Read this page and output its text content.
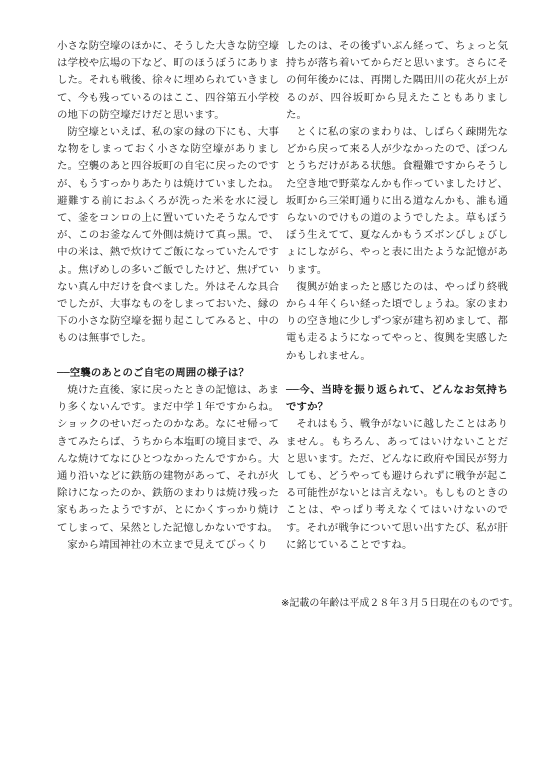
小さな防空壕のほかに、そうした大きな防空壕は学校や広場の下など、町のほうぼうにありました。それも戦後、徐々に埋められていきまして、今も残っているのはここ、四谷第五小学校の地下の防空壕だけだと思います。

防空壕といえば、私の家の縁の下にも、大事な物をしまっておく小さな防空壕がありました。空襲のあと四谷坂町の自宅に戻ったのですが、もうすっかりあたりは焼けていましたね。避難する前におふくろが洗った米を水に浸して、釜をコンロの上に置いていたそうなんですが、このお釜なんて外側は焼けて真っ黒。で、中の米は、熱で炊けてご飯になっていたんですよ。焦げめしの多いご飯でしたけど、焦げていない真ん中だけを食べました。外はそんな具合でしたが、大事なものをしまっておいた、縁の下の小さな防空壕を掘り起こしてみると、中のものは無事でした。

──空襲のあとのご自宅の周囲の様子は？

焼けた直後、家に戻ったときの記憶は、あまり多くないんです。まだ中学１年ですからね。ショックのせいだったのかなあ。なにせ帰ってきてみたらば、うちから本塩町の境目まで、みんな焼けてなにひとつなかったんですから。大通り沿いなどに鉄筋の建物があって、それが火除けになったのか、鉄筋のまわりは焼け残った家もあったようですが、とにかくすっかり焼けてしまって、呆然とした記憶しかないですね。

家から靖国神社の木立まで見えてびっくり

したのは、その後ずいぶん経って、ちょっと気持ちが落ち着いてからだと思います。さらにその何年後かには、再開した隅田川の花火が上がるのが、四谷坂町から見えたこともありました。

とくに私の家のまわりは、しばらく疎開先などから戻って来る人が少なかったので、ぽつんとうちだけがある状態。食糧難ですからそうした空き地で野菜なんかも作っていましたけど、坂町から三栄町通りに出る道なんかも、誰も通らないのでけもの道のようでしたよ。草もぼうぼう生えてて、夏なんかもうズボンびしょびしょにしながら、やっと表に出たような記憶があります。

復興が始まったと感じたのは、やっぱり終戦から４年くらい経った頃でしょうね。家のまわりの空き地に少しずつ家が建ち初めまして、都電も走るようになってやっと、復興を実感したかもしれません。

──今、当時を振り返られて、どんなお気持ちですか？

それはもう、戦争がないに越したことはありません。もちろん、あってはいけないことだと思います。ただ、どんなに政府や国民が努力しても、どうやっても避けられずに戦争が起こる可能性がないとは言えない。もしものときのことは、やっぱり考えなくてはいけないのです。それが戦争について思い出すたび、私が肝に銘じていることですね。

※記載の年齢は平成２８年３月５日現在のものです。
